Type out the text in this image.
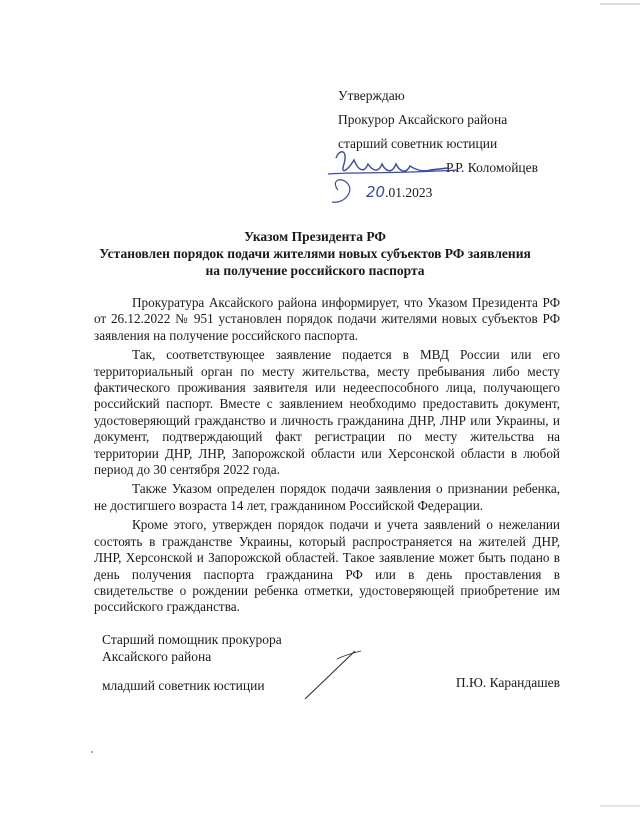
Утверждаю
Прокурор Аксайского района
старший советник юстиции
Р.Р. Коломойцев
20.01.2023
Указом Президента РФ
Установлен порядок подачи жителями новых субъектов РФ заявления
на получение российского паспорта

Прокуратура Аксайского района информирует, что Указом Президента РФ от 26.12.2022 № 951 установлен порядок подачи жителями новых субъектов РФ заявления на получение российского паспорта.

Так, соответствующее заявление подается в МВД России или его территориальный орган по месту жительства, месту пребывания либо месту фактического проживания заявителя или недееспособного лица, получающего российский паспорт. Вместе с заявлением необходимо предоставить документ, удостоверяющий гражданство и личность гражданина ДНР, ЛНР или Украины, и документ, подтверждающий факт регистрации по месту жительства на территории ДНР, ЛНР, Запорожской области или Херсонской области в любой период до 30 сентября 2022 года.

Также Указом определен порядок подачи заявления о признании ребенка, не достигшего возраста 14 лет, гражданином Российской Федерации.

Кроме этого, утвержден порядок подачи и учета заявлений о нежелании состоять в гражданстве Украины, который распространяется на жителей ДНР, ЛНР, Херсонской и Запорожской областей. Такое заявление может быть подано в день получения паспорта гражданина РФ или в день проставления в свидетельстве о рождении ребенка отметки, удостоверяющей приобретение им российского гражданства.

Старший помощник прокурора
Аксайского района
младший советник юстиции	П.Ю. Карандашев
